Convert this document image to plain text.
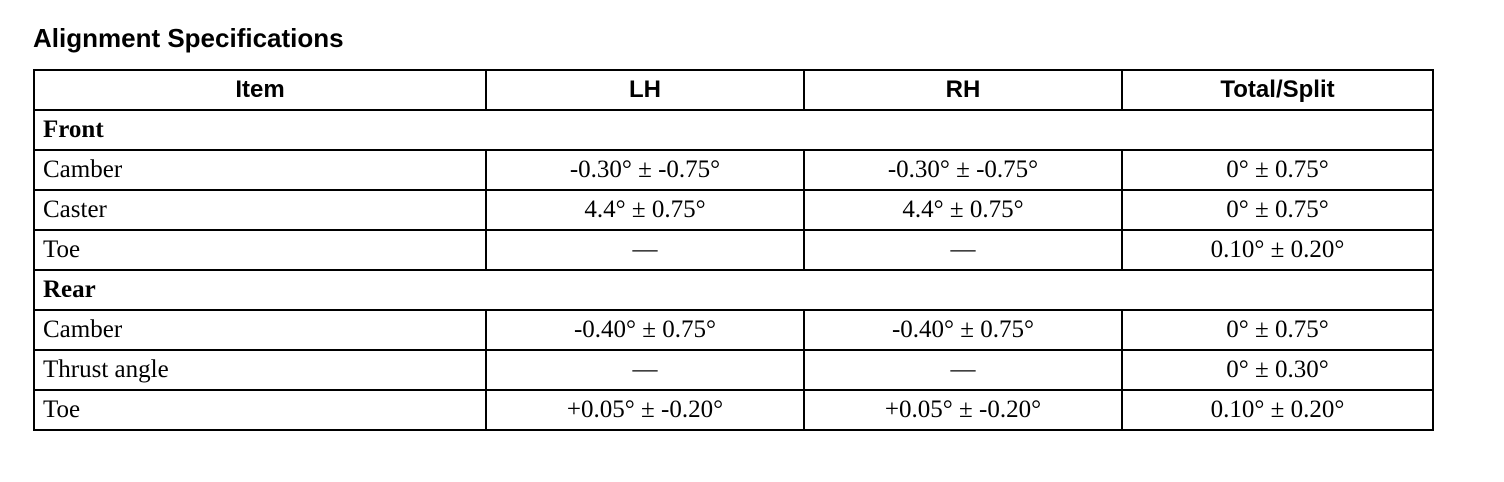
Alignment Specifications
Item	LH	RH	Total/Split
Front			
Camber	-0.30° ± -0.75°	-0.30° ± -0.75°	0° ± 0.75°
Caster	4.4° ± 0.75°	4.4° ± 0.75°	0° ± 0.75°
Toe	—	—	0.10° ± 0.20°
Rear			
Camber	-0.40° ± 0.75°	-0.40° ± 0.75°	0° ± 0.75°
Thrust angle	—	—	0° ± 0.30°
Toe	+0.05° ± -0.20°	+0.05° ± -0.20°	0.10° ± 0.20°
